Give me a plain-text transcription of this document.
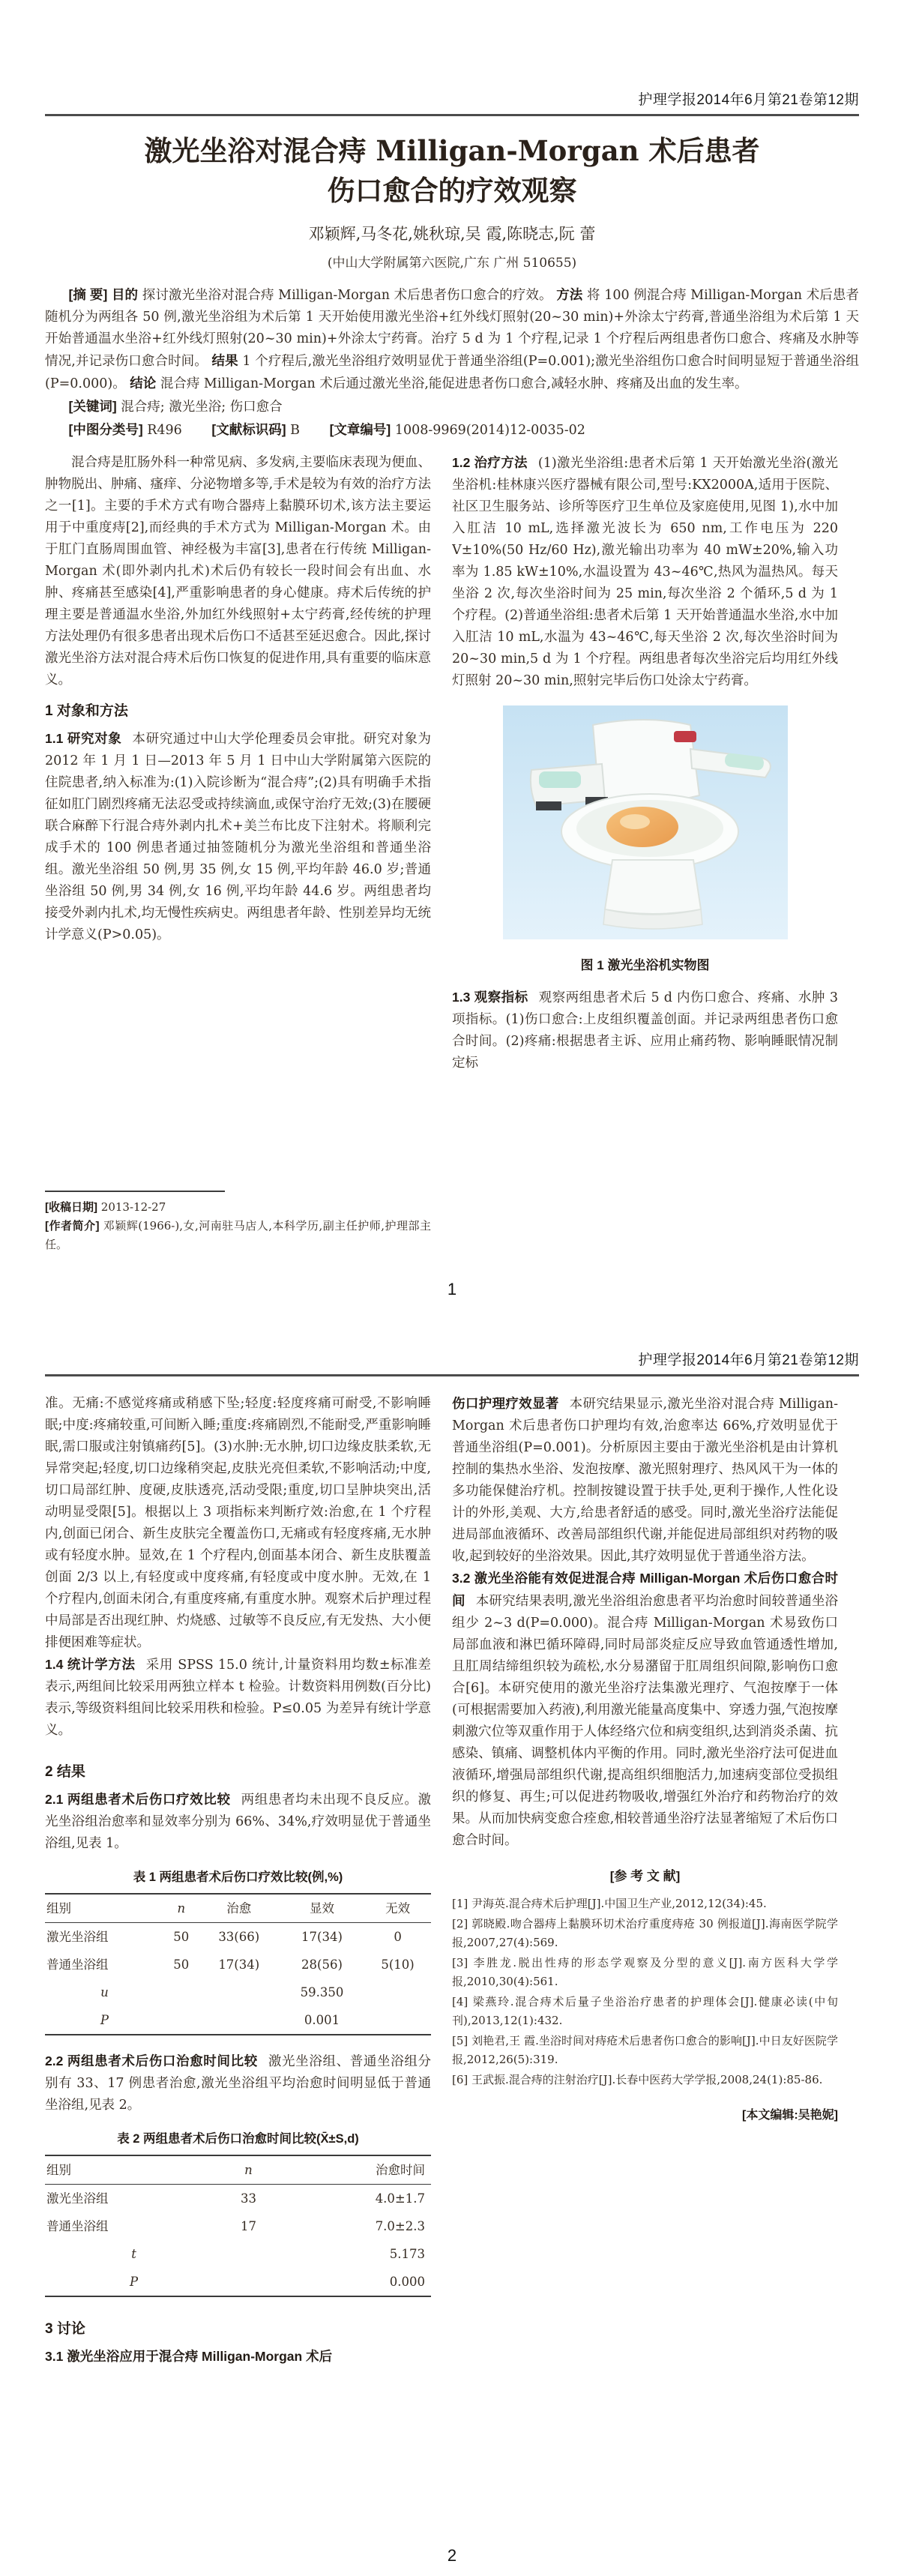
护理学报2014年6月第21卷第12期
激光坐浴对混合痔 Milligan-Morgan 术后患者
伤口愈合的疗效观察
邓颖辉,马冬花,姚秋琼,吴 霞,陈晓志,阮 蕾
(中山大学附属第六医院,广东 广州 510655)
[摘 要] 目的 探讨激光坐浴对混合痔 Milligan-Morgan 术后患者伤口愈合的疗效。 方法 将 100 例混合痔 Milligan-Morgan 术后患者随机分为两组各 50 例,激光坐浴组为术后第 1 天开始使用激光坐浴+红外线灯照射(20~30 min)+外涂太宁药膏,普通坐浴组为术后第 1 天开始普通温水坐浴+红外线灯照射(20~30 min)+外涂太宁药膏。治疗 5 d 为 1 个疗程,记录 1 个疗程后两组患者伤口愈合、疼痛及水肿等情况,并记录伤口愈合时间。 结果 1 个疗程后,激光坐浴组疗效明显优于普通坐浴组(P=0.001);激光坐浴组伤口愈合时间明显短于普通坐浴组(P=0.000)。 结论 混合痔 Milligan-Morgan 术后通过激光坐浴,能促进患者伤口愈合,减轻水肿、疼痛及出血的发生率。
[关键词] 混合痔; 激光坐浴; 伤口愈合
[中图分类号] R496 [文献标识码] B [文章编号] 1008-9969(2014)12-0035-02

混合痔是肛肠外科一种常见病、多发病,主要临床表现为便血、肿物脱出、肿痛、瘙痒、分泌物增多等,手术是较为有效的治疗方法之一[1]。主要的手术方式有吻合器痔上黏膜环切术,该方法主要运用于中重度痔[2],而经典的手术方式为 Milligan-Morgan 术。由于肛门直肠周围血管、神经极为丰富[3],患者在行传统 Milligan-Morgan 术(即外剥内扎术)术后仍有较长一段时间会有出血、水肿、疼痛甚至感染[4],严重影响患者的身心健康。痔术后传统的护理主要是普通温水坐浴,外加红外线照射+太宁药膏,经传统的护理方法处理仍有很多患者出现术后伤口不适甚至延迟愈合。因此,探讨激光坐浴方法对混合痔术后伤口恢复的促进作用,具有重要的临床意义。

1 对象和方法

1.1 研究对象 本研究通过中山大学伦理委员会审批。研究对象为 2012 年 1 月 1 日—2013 年 5 月 1 日中山大学附属第六医院的住院患者,纳入标准为:(1)入院诊断为“混合痔”;(2)具有明确手术指征如肛门剧烈疼痛无法忍受或持续滴血,或保守治疗无效;(3)在腰硬联合麻醉下行混合痔外剥内扎术+美兰布比皮下注射术。将顺利完成手术的 100 例患者通过抽签随机分为激光坐浴组和普通坐浴组。激光坐浴组 50 例,男 35 例,女 15 例,平均年龄 46.0 岁;普通坐浴组 50 例,男 34 例,女 16 例,平均年龄 44.6 岁。两组患者均接受外剥内扎术,均无慢性疾病史。两组患者年龄、性别差异均无统计学意义(P>0.05)。

[收稿日期] 2013-12-27
[作者简介] 邓颖辉(1966-),女,河南驻马店人,本科学历,副主任护师,护理部主任。

1.2 治疗方法 (1)激光坐浴组:患者术后第 1 天开始激光坐浴(激光坐浴机:桂林康兴医疗器械有限公司,型号:KX2000A,适用于医院、社区卫生服务站、诊所等医疗卫生单位及家庭使用,见图 1),水中加入肛洁 10 mL,选择激光波长为 650 nm,工作电压为 220 V±10%(50 Hz/60 Hz),激光输出功率为 40 mW±20%,输入功率为 1.85 kW±10%,水温设置为 43~46℃,热风为温热风。每天坐浴 2 次,每次坐浴时间为 25 min,每次坐浴 2 个循环,5 d 为 1 个疗程。(2)普通坐浴组:患者术后第 1 天开始普通温水坐浴,水中加入肛洁 10 mL,水温为 43~46℃,每天坐浴 2 次,每次坐浴时间为 20~30 min,5 d 为 1 个疗程。两组患者每次坐浴完后均用红外线灯照射 20~30 min,照射完毕后伤口处涂太宁药膏。

图 1 激光坐浴机实物图

1.3 观察指标 观察两组患者术后 5 d 内伤口愈合、疼痛、水肿 3 项指标。(1)伤口愈合:上皮组织覆盖创面。并记录两组患者伤口愈合时间。(2)疼痛:根据患者主诉、应用止痛药物、影响睡眠情况制定标

1
护理学报2014年6月第21卷第12期

准。无痛:不感觉疼痛或稍感下坠;轻度:轻度疼痛可耐受,不影响睡眠;中度:疼痛较重,可间断入睡;重度:疼痛剧烈,不能耐受,严重影响睡眠,需口服或注射镇痛药[5]。(3)水肿:无水肿,切口边缘皮肤柔软,无异常突起;轻度,切口边缘稍突起,皮肤光亮但柔软,不影响活动;中度,切口局部红肿、度硬,皮肤透亮,活动受限;重度,切口呈肿块突出,活动明显受限[5]。根据以上 3 项指标来判断疗效:治愈,在 1 个疗程内,创面已闭合、新生皮肤完全覆盖伤口,无痛或有轻度疼痛,无水肿或有轻度水肿。显效,在 1 个疗程内,创面基本闭合、新生皮肤覆盖创面 2/3 以上,有轻度或中度疼痛,有轻度或中度水肿。无效,在 1 个疗程内,创面未闭合,有重度疼痛,有重度水肿。观察术后护理过程中局部是否出现红肿、灼烧感、过敏等不良反应,有无发热、大小便排便困难等症状。

1.4 统计学方法 采用 SPSS 15.0 统计,计量资料用均数±标准差表示,两组间比较采用两独立样本 t 检验。计数资料用例数(百分比)表示,等级资料组间比较采用秩和检验。P≤0.05 为差异有统计学意义。

2 结果

2.1 两组患者术后伤口疗效比较 两组患者均未出现不良反应。激光坐浴组治愈率和显效率分别为 66%、34%,疗效明显优于普通坐浴组,见表 1。

表 1 两组患者术后伤口疗效比较(例,%)
组别	n	治愈	显效	无效
激光坐浴组	50	33(66)	17(34)	0
普通坐浴组	50	17(34)	28(56)	5(10)
u			59.350	
P			0.001	

2.2 两组患者术后伤口治愈时间比较 激光坐浴组、普通坐浴组分别有 33、17 例患者治愈,激光坐浴组平均治愈时间明显低于普通坐浴组,见表 2。

表 2 两组患者术后伤口治愈时间比较(X̄±S,d)
组别	n	治愈时间
激光坐浴组	33	4.0±1.7
普通坐浴组	17	7.0±2.3
t		5.173
P		0.000
3 讨论

3.1 激光坐浴应用于混合痔 Milligan-Morgan 术后

伤口护理疗效显著 本研究结果显示,激光坐浴对混合痔 Milligan-Morgan 术后患者伤口护理均有效,治愈率达 66%,疗效明显优于普通坐浴组(P=0.001)。分析原因主要由于激光坐浴机是由计算机控制的集热水坐浴、发泡按摩、激光照射理疗、热风风干为一体的多功能保健治疗机。控制按键设置于扶手处,更利于操作,人性化设计的外形,美观、大方,给患者舒适的感受。同时,激光坐浴疗法能促进局部血液循环、改善局部组织代谢,并能促进局部组织对药物的吸收,起到较好的坐浴效果。因此,其疗效明显优于普通坐浴方法。

3.2 激光坐浴能有效促进混合痔 Milligan-Morgan 术后伤口愈合时间 本研究结果表明,激光坐浴组治愈患者平均治愈时间较普通坐浴组少 2~3 d(P=0.000)。混合痔 Milligan-Morgan 术易致伤口局部血液和淋巴循环障碍,同时局部炎症反应导致血管通透性增加,且肛周结缔组织较为疏松,水分易潴留于肛周组织间隙,影响伤口愈合[6]。本研究使用的激光坐浴疗法集激光理疗、气泡按摩于一体(可根据需要加入药液),利用激光能量高度集中、穿透力强,气泡按摩刺激穴位等双重作用于人体经络穴位和病变组织,达到消炎杀菌、抗感染、镇痛、调整机体内平衡的作用。同时,激光坐浴疗法可促进血液循环,增强局部组织代谢,提高组织细胞活力,加速病变部位受损组织的修复、再生;可以促进药物吸收,增强红外治疗和药物治疗的效果。从而加快病变愈合痊愈,相较普通坐浴疗法显著缩短了术后伤口愈合时间。

[参 考 文 献]

[1] 尹海英.混合痔术后护理[J].中国卫生产业,2012,12(34):45.

[2] 郭晓殿.吻合器痔上黏膜环切术治疗重度痔疮 30 例报道[J].海南医学院学报,2007,27(4):569.

[3] 李胜龙.脱出性痔的形态学观察及分型的意义[J].南方医科大学学报,2010,30(4):561.

[4] 梁燕玲.混合痔术后量子坐浴治疗患者的护理体会[J].健康必读(中旬刊),2013,12(1):432.

[5] 刘艳君,王 霞.坐浴时间对痔疮术后患者伤口愈合的影响[J].中日友好医院学报,2012,26(5):319.

[6] 王武振.混合痔的注射治疗[J].长春中医药大学学报,2008,24(1):85-86.

[本文编辑:吴艳妮]
2
